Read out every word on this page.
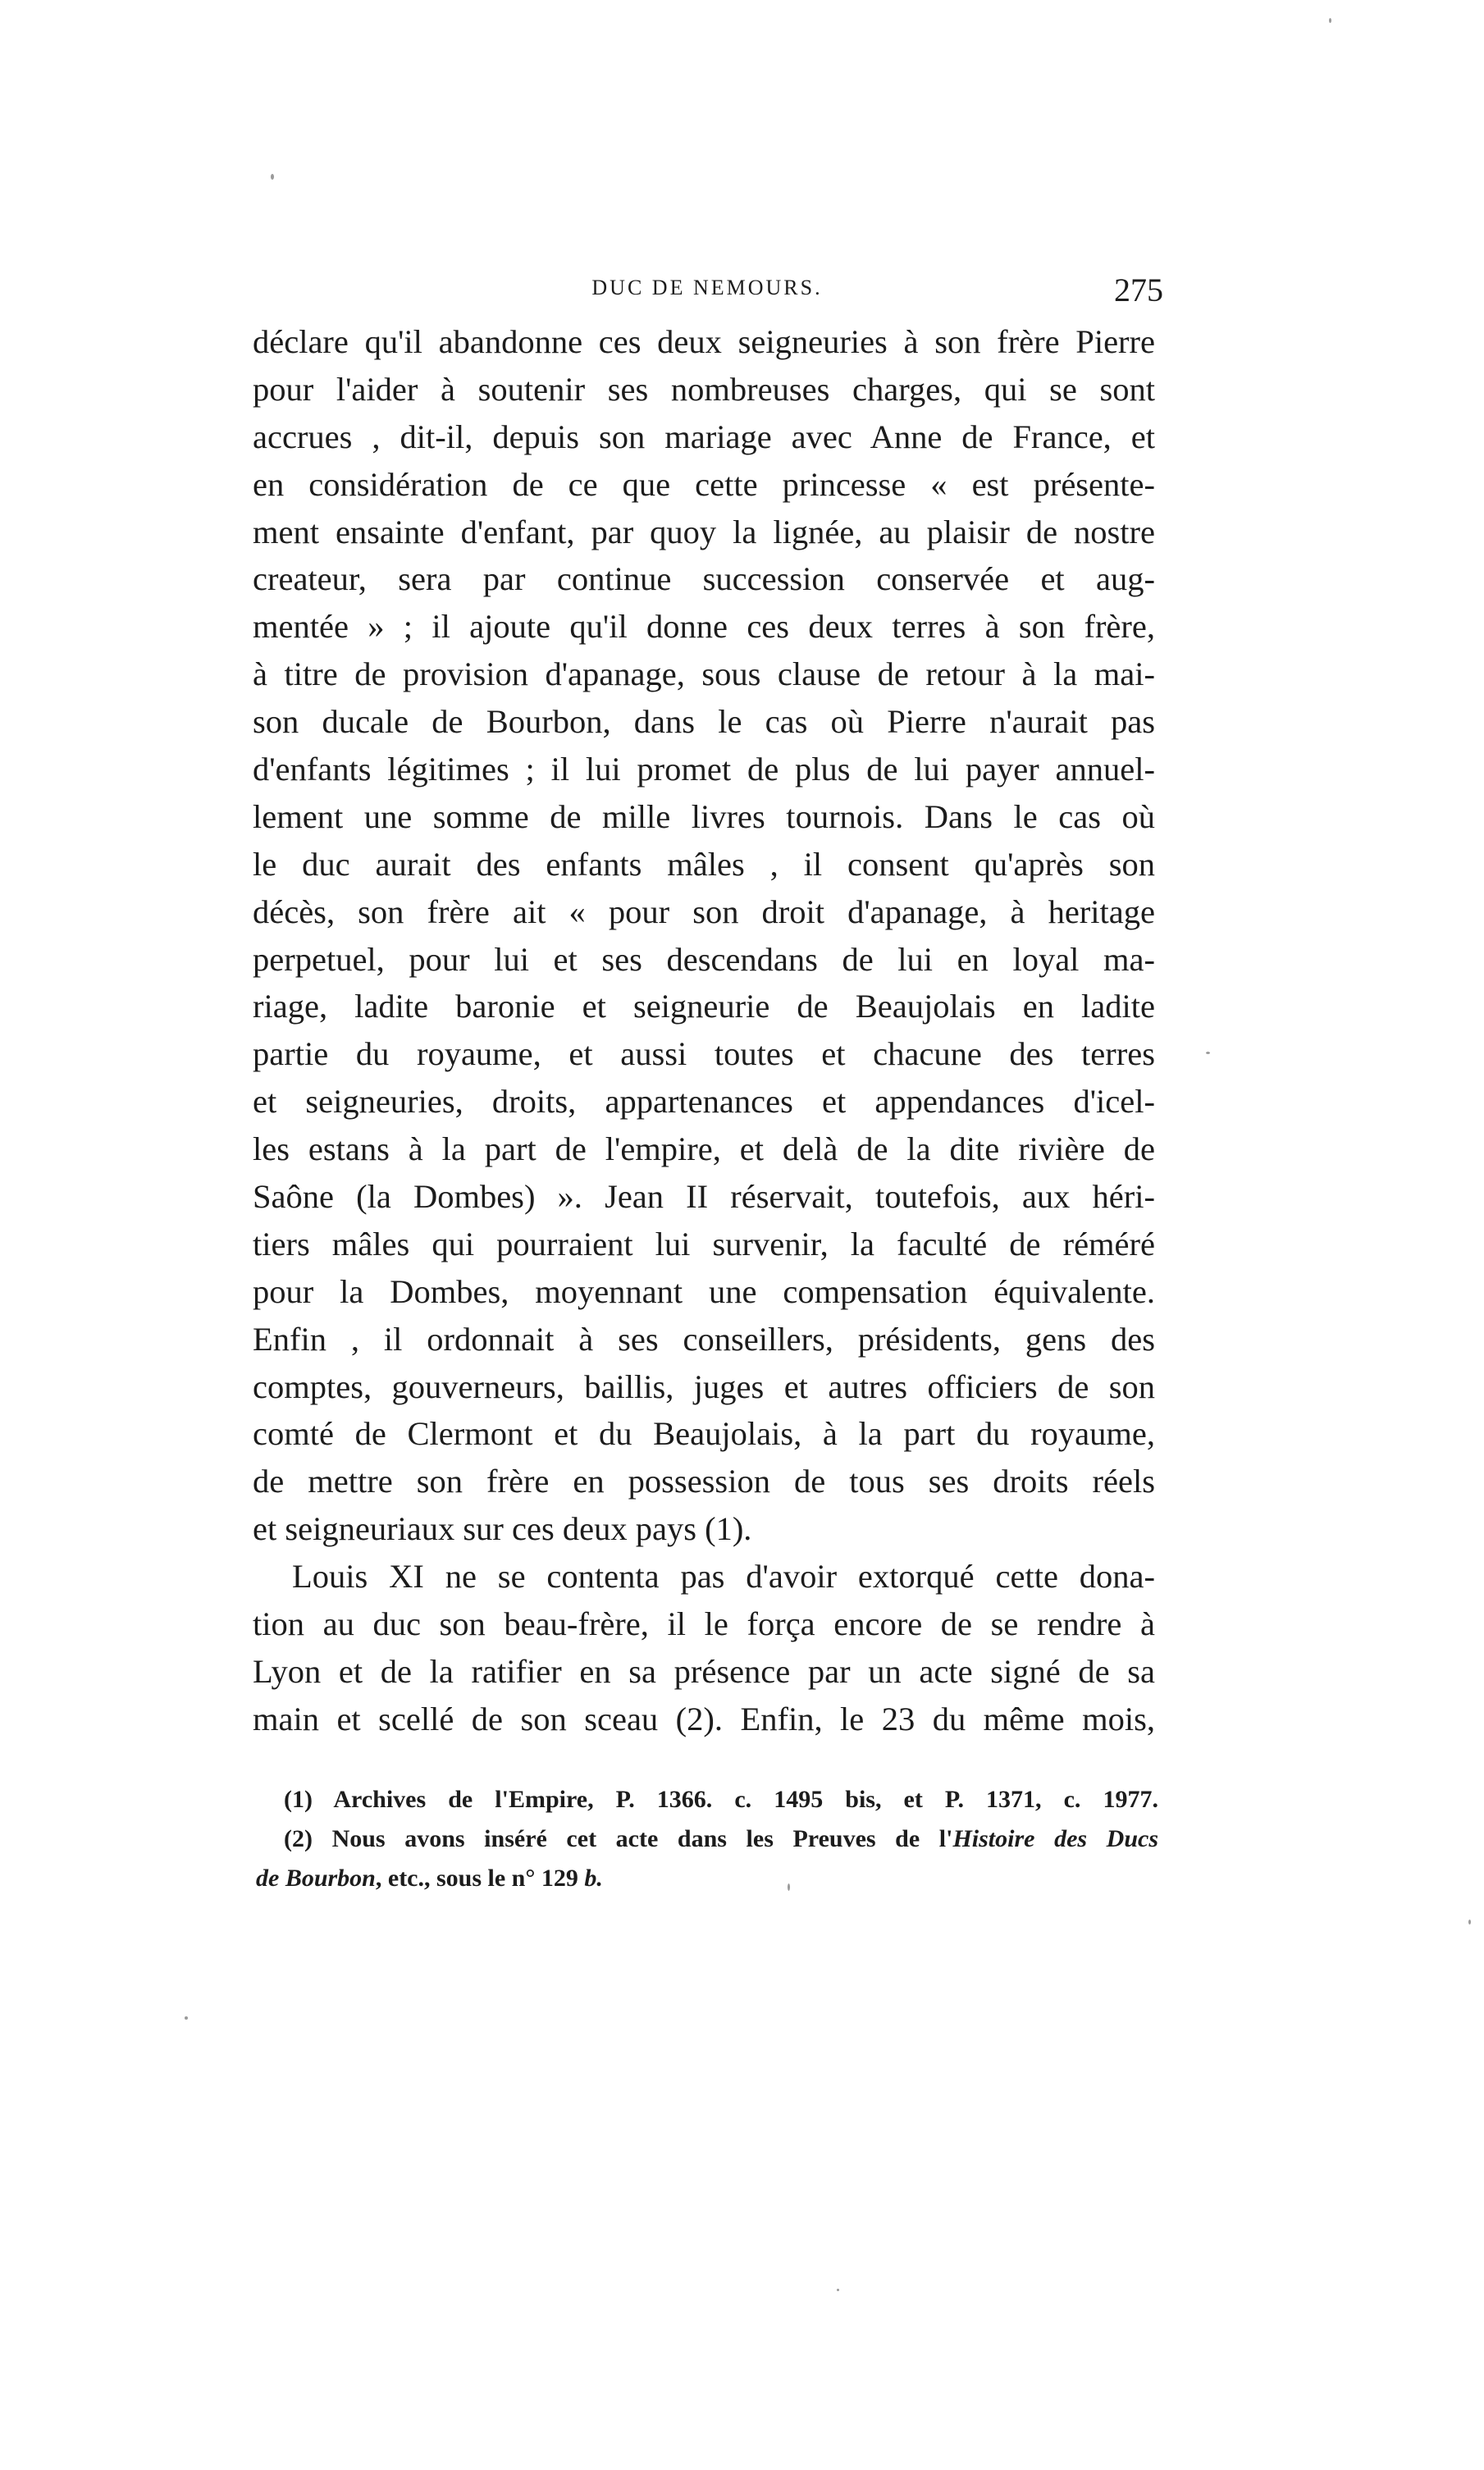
DUC DE NEMOURS.	275
déclare qu'il abandonne ces deux seigneuries à son frère Pierre
pour l'aider à soutenir ses nombreuses charges, qui se sont
accrues , dit-il, depuis son mariage avec Anne de France, et
en considération de ce que cette princesse « est présente-
ment ensainte d'enfant, par quoy la lignée, au plaisir de nostre
createur, sera par continue succession conservée et aug-
mentée » ; il ajoute qu'il donne ces deux terres à son frère,
à titre de provision d'apanage, sous clause de retour à la mai-
son ducale de Bourbon, dans le cas où Pierre n'aurait pas
d'enfants légitimes ; il lui promet de plus de lui payer annuel-
lement une somme de mille livres tournois. Dans le cas où
le duc aurait des enfants mâles , il consent qu'après son
décès, son frère ait « pour son droit d'apanage, à heritage
perpetuel, pour lui et ses descendans de lui en loyal ma-
riage, ladite baronie et seigneurie de Beaujolais en ladite
partie du royaume, et aussi toutes et chacune des terres
et seigneuries, droits, appartenances et appendances d'icel-
les estans à la part de l'empire, et delà de la dite rivière de
Saône (la Dombes) ». Jean II réservait, toutefois, aux héri-
tiers mâles qui pourraient lui survenir, la faculté de réméré
pour la Dombes, moyennant une compensation équivalente.
Enfin , il ordonnait à ses conseillers, présidents, gens des
comptes, gouverneurs, baillis, juges et autres officiers de son
comté de Clermont et du Beaujolais, à la part du royaume,
de mettre son frère en possession de tous ses droits réels
et seigneuriaux sur ces deux pays (1).
Louis XI ne se contenta pas d'avoir extorqué cette dona-
tion au duc son beau-frère, il le força encore de se rendre à
Lyon et de la ratifier en sa présence par un acte signé de sa
main et scellé de son sceau (2). Enfin, le 23 du même mois,
(1) Archives de l'Empire, P. 1366. c. 1495 bis, et P. 1371, c. 1977.
(2) Nous avons inséré cet acte dans les Preuves de l'Histoire des Ducs
de Bourbon, etc., sous le n° 129 b.
